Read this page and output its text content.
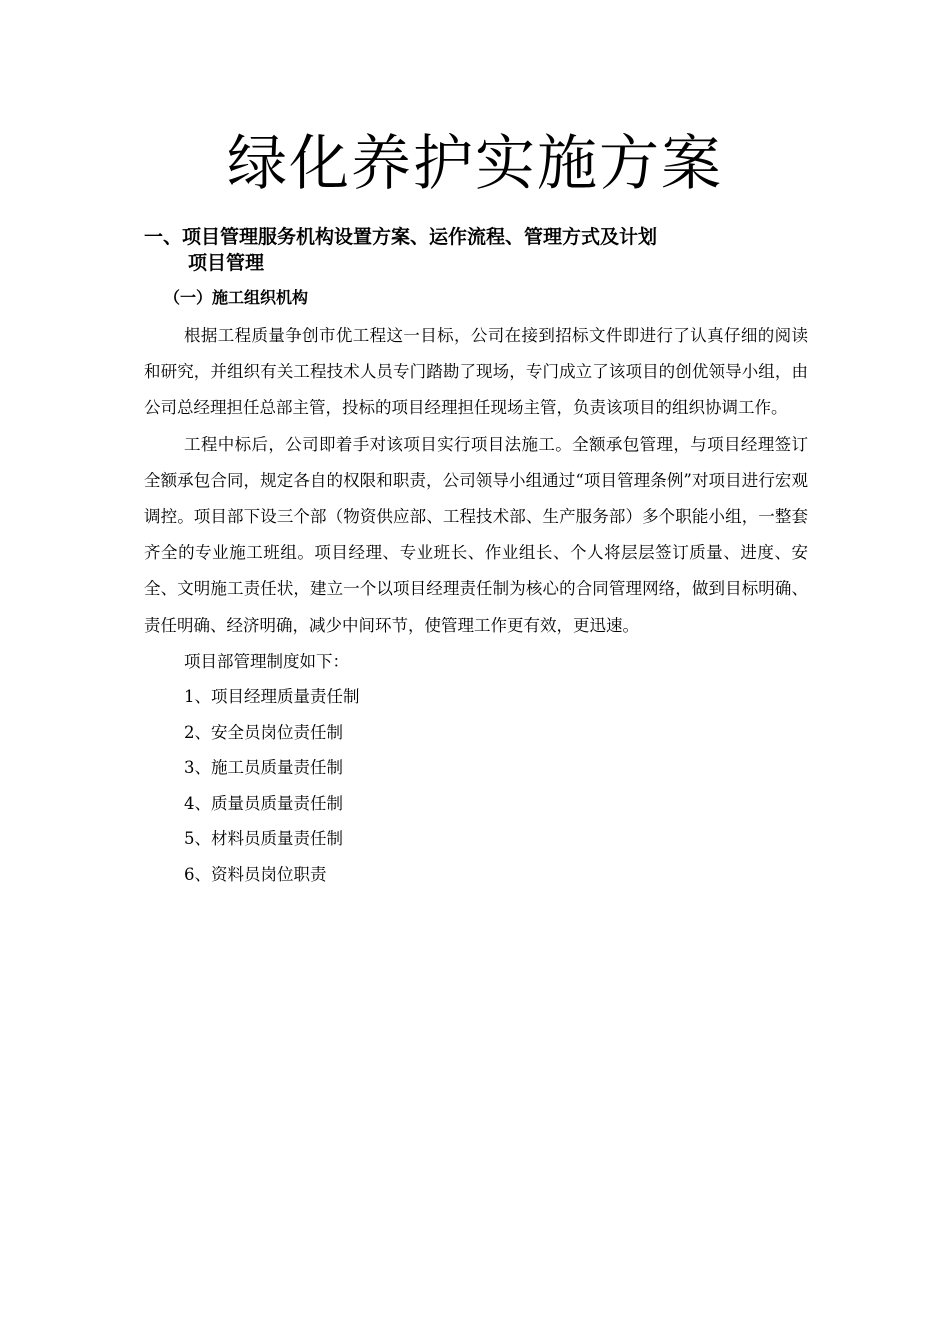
绿化养护实施方案
一、项目管理服务机构设置方案、运作流程、管理方式及计划
项目管理
（一）施工组织机构

根据工程质量争创市优工程这一目标，公司在接到招标文件即进行了认真仔细的阅读和研究，并组织有关工程技术人员专门踏勘了现场，专门成立了该项目的创优领导小组，由公司总经理担任总部主管，投标的项目经理担任现场主管，负责该项目的组织协调工作。

工程中标后，公司即着手对该项目实行项目法施工。全额承包管理，与项目经理签订全额承包合同，规定各自的权限和职责，公司领导小组通过“项目管理条例”对项目进行宏观调控。项目部下设三个部（物资供应部、工程技术部、生产服务部）多个职能小组，一整套齐全的专业施工班组。项目经理、专业班长、作业组长、个人将层层签订质量、进度、安全、文明施工责任状，建立一个以项目经理责任制为核心的合同管理网络，做到目标明确、责任明确、经济明确，减少中间环节，使管理工作更有效，更迅速。

项目部管理制度如下：

1、项目经理质量责任制
2、安全员岗位责任制
3、施工员质量责任制
4、质量员质量责任制
5、材料员质量责任制
6、资料员岗位职责
